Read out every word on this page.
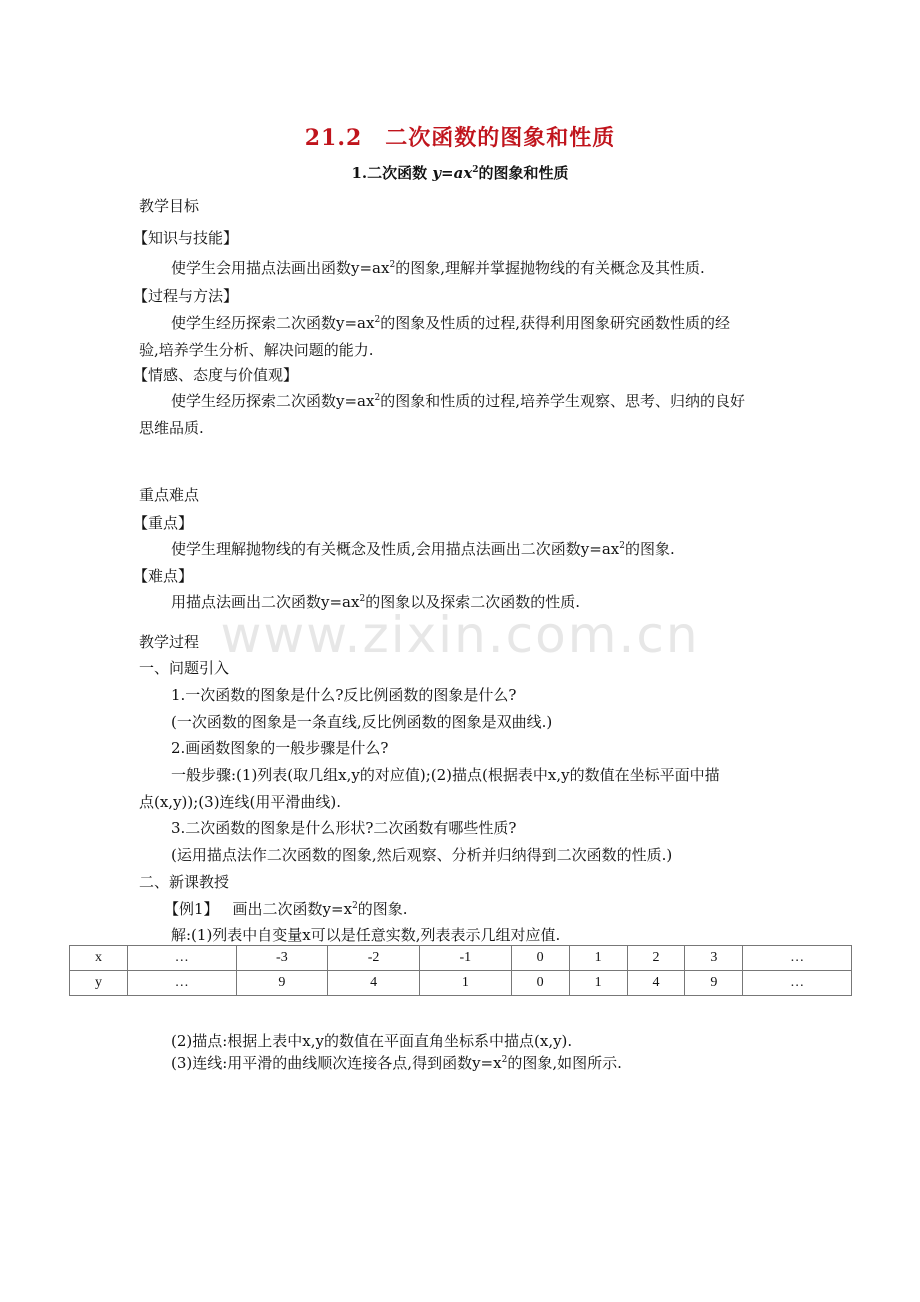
www.zixin.com.cn
21.2　二次函数的图象和性质
1.二次函数 $y=ax^2$的图象和性质
教学目标
【知识与技能】
使学生会用描点法画出函数$y=ax^2$的图象,理解并掌握抛物线的有关概念及其性质.
【过程与方法】
使学生经历探索二次函数$y=ax^2$的图象及性质的过程,获得利用图象研究函数性质的经
验,培养学生分析、解决问题的能力.
【情感、态度与价值观】
使学生经历探索二次函数$y=ax^2$的图象和性质的过程,培养学生观察、思考、归纳的良好
思维品质.
重点难点
【重点】
使学生理解抛物线的有关概念及性质,会用描点法画出二次函数$y=ax^2$的图象.
【难点】
用描点法画出二次函数$y=ax^2$的图象以及探索二次函数的性质.
教学过程
一、问题引入
1.一次函数的图象是什么?反比例函数的图象是什么?
(一次函数的图象是一条直线,反比例函数的图象是双曲线.)
2.画函数图象的一般步骤是什么?
一般步骤:(1)列表(取几组x,y的对应值);(2)描点(根据表中x,y的数值在坐标平面中描
点(x,y));(3)连线(用平滑曲线).
3.二次函数的图象是什么形状?二次函数有哪些性质?
(运用描点法作二次函数的图象,然后观察、分析并归纳得到二次函数的性质.)
二、新课教授
【例1】 画出二次函数$y=x^2$的图象.
解:(1)列表中自变量x可以是任意实数,列表表示几组对应值.
x	…	-3	-2	-1	0	1	2	3	…
y	…	9	4	1	0	1	4	9	…
(2)描点:根据上表中x,y的数值在平面直角坐标系中描点(x,y).
(3)连线:用平滑的曲线顺次连接各点,得到函数$y=x^2$的图象,如图所示.
